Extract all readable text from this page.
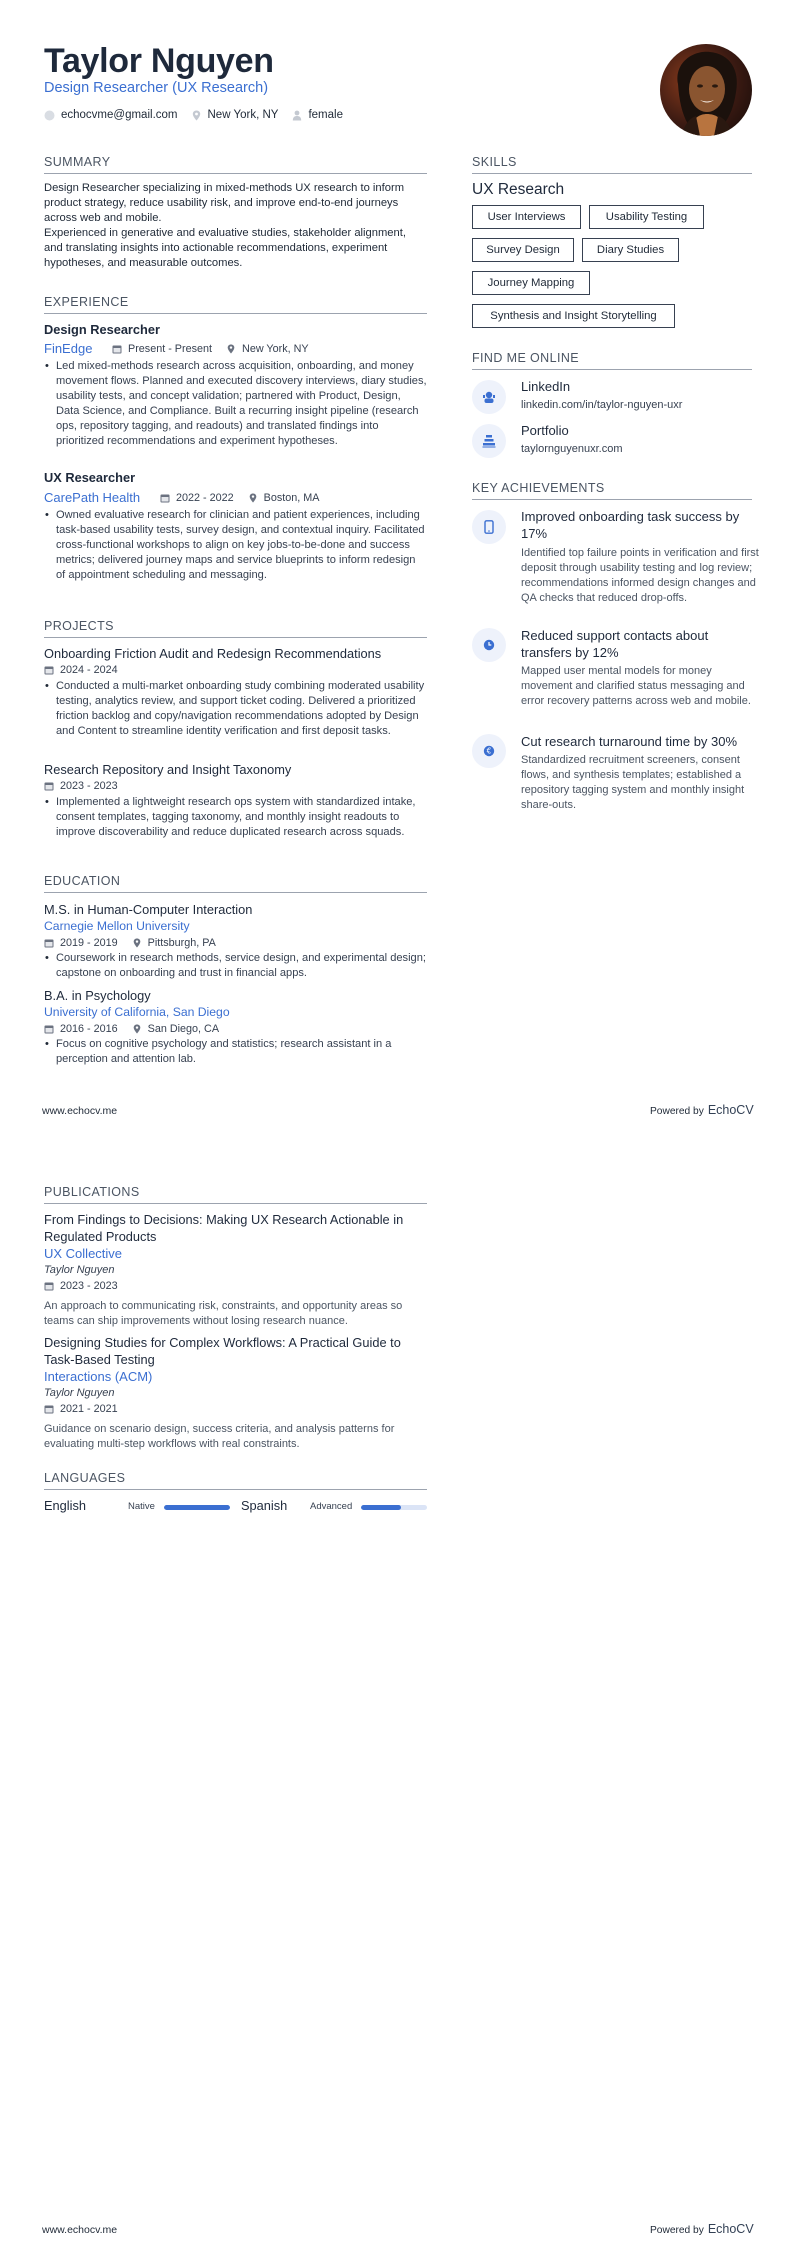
Taylor Nguyen
Design Researcher (UX Research)
echocvme@gmail.com	New York, NY	female
SUMMARY
Design Researcher specializing in mixed-methods UX research to inform product strategy, reduce usability risk, and improve end-to-end journeys across web and mobile.
Experienced in generative and evaluative studies, stakeholder alignment, and translating insights into actionable recommendations, experiment hypotheses, and measurable outcomes.
EXPERIENCE
Design Researcher
FinEdge	Present - Present	New York, NY
• Led mixed-methods research across acquisition, onboarding, and money movement flows. Planned and executed discovery interviews, diary studies, usability tests, and concept validation; partnered with Product, Design, Data Science, and Compliance. Built a recurring insight pipeline (research ops, repository tagging, and readouts) and translated findings into prioritized recommendations and experiment hypotheses.
UX Researcher
CarePath Health	2022 - 2022	Boston, MA
• Owned evaluative research for clinician and patient experiences, including task-based usability tests, survey design, and contextual inquiry. Facilitated cross-functional workshops to align on key jobs-to-be-done and success metrics; delivered journey maps and service blueprints to inform redesign of appointment scheduling and messaging.
PROJECTS
Onboarding Friction Audit and Redesign Recommendations
2024 - 2024
• Conducted a multi-market onboarding study combining moderated usability testing, analytics review, and support ticket coding. Delivered a prioritized friction backlog and copy/navigation recommendations adopted by Design and Content to streamline identity verification and first deposit tasks.
Research Repository and Insight Taxonomy
2023 - 2023
• Implemented a lightweight research ops system with standardized intake, consent templates, tagging taxonomy, and monthly insight readouts to improve discoverability and reduce duplicated research across squads.
EDUCATION
M.S. in Human-Computer Interaction
Carnegie Mellon University
2019 - 2019	Pittsburgh, PA
• Coursework in research methods, service design, and experimental design; capstone on onboarding and trust in financial apps.
B.A. in Psychology
University of California, San Diego
2016 - 2016	San Diego, CA
• Focus on cognitive psychology and statistics; research assistant in a perception and attention lab.
SKILLS
UX Research
User Interviews	Usability Testing
Survey Design	Diary Studies
Journey Mapping
Synthesis and Insight Storytelling
FIND ME ONLINE
LinkedIn
linkedin.com/in/taylor-nguyen-uxr
Portfolio
taylornguyenuxr.com
KEY ACHIEVEMENTS
Improved onboarding task success by 17%
Identified top failure points in verification and first deposit through usability testing and log review; recommendations informed design changes and QA checks that reduced drop-offs.
Reduced support contacts about transfers by 12%
Mapped user mental models for money movement and clarified status messaging and error recovery patterns across web and mobile.
€
Cut research turnaround time by 30%
Standardized recruitment screeners, consent flows, and synthesis templates; established a repository tagging system and monthly insight share-outs.
www.echocv.me	Powered by EchoCV
PUBLICATIONS
From Findings to Decisions: Making UX Research Actionable in Regulated Products
UX Collective
Taylor Nguyen
2023 - 2023
An approach to communicating risk, constraints, and opportunity areas so teams can ship improvements without losing research nuance.
Designing Studies for Complex Workflows: A Practical Guide to Task-Based Testing
Interactions (ACM)
Taylor Nguyen
2021 - 2021
Guidance on scenario design, success criteria, and analysis patterns for evaluating multi-step workflows with real constraints.
LANGUAGES
English	Native	Spanish Advanced
www.echocv.me	Powered by EchoCV
